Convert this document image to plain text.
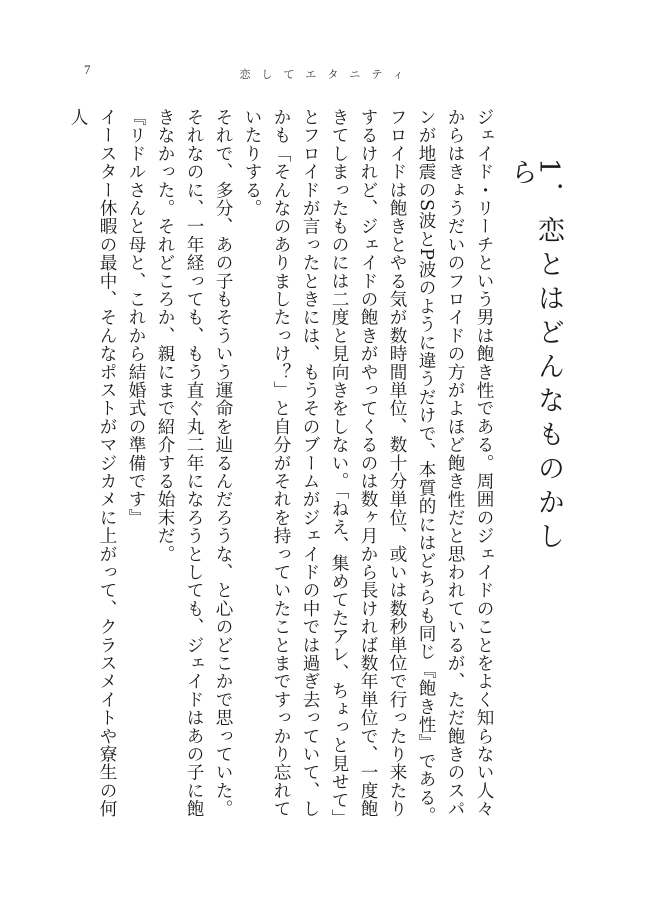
7	恋してエタニティ
1．恋とはどんなものかしら

ジェイド・リーチという男は飽き性である。周囲のジェイドのことをよく知らない人々からはきょうだいのフロイドの方がよほど飽き性だと思われているが、ただ飽きのスパンが地震のS波とP波のように違うだけで、本質的にはどちらも同じ『飽き性』である。フロイドは飽きとやる気が数時間単位、数十分単位、或いは数秒単位で行ったり来たりするけれど、ジェイドの飽きがやってくるのは数ヶ月から長ければ数年単位で、一度飽きてしまったものには二度と見向きをしない。「ねえ、集めてたアレ、ちょっと見せて」とフロイドが言ったときには、もうそのブームがジェイドの中では過ぎ去っていて、しかも「そんなのありましたっけ？」と自分がそれを持っていたことまですっかり忘れていたりする。

それで、多分、あの子もそういう運命を辿るんだろうな、と心のどこかで思っていた。それなのに、一年経っても、もう直ぐ丸二年になろうとしても、ジェイドはあの子に飽きなかった。それどころか、親にまで紹介する始末だ。

『リドルさんと母と、これから結婚式の準備です』

イースター休暇の最中、そんなポストがマジカメに上がって、クラスメイトや寮生の何人
